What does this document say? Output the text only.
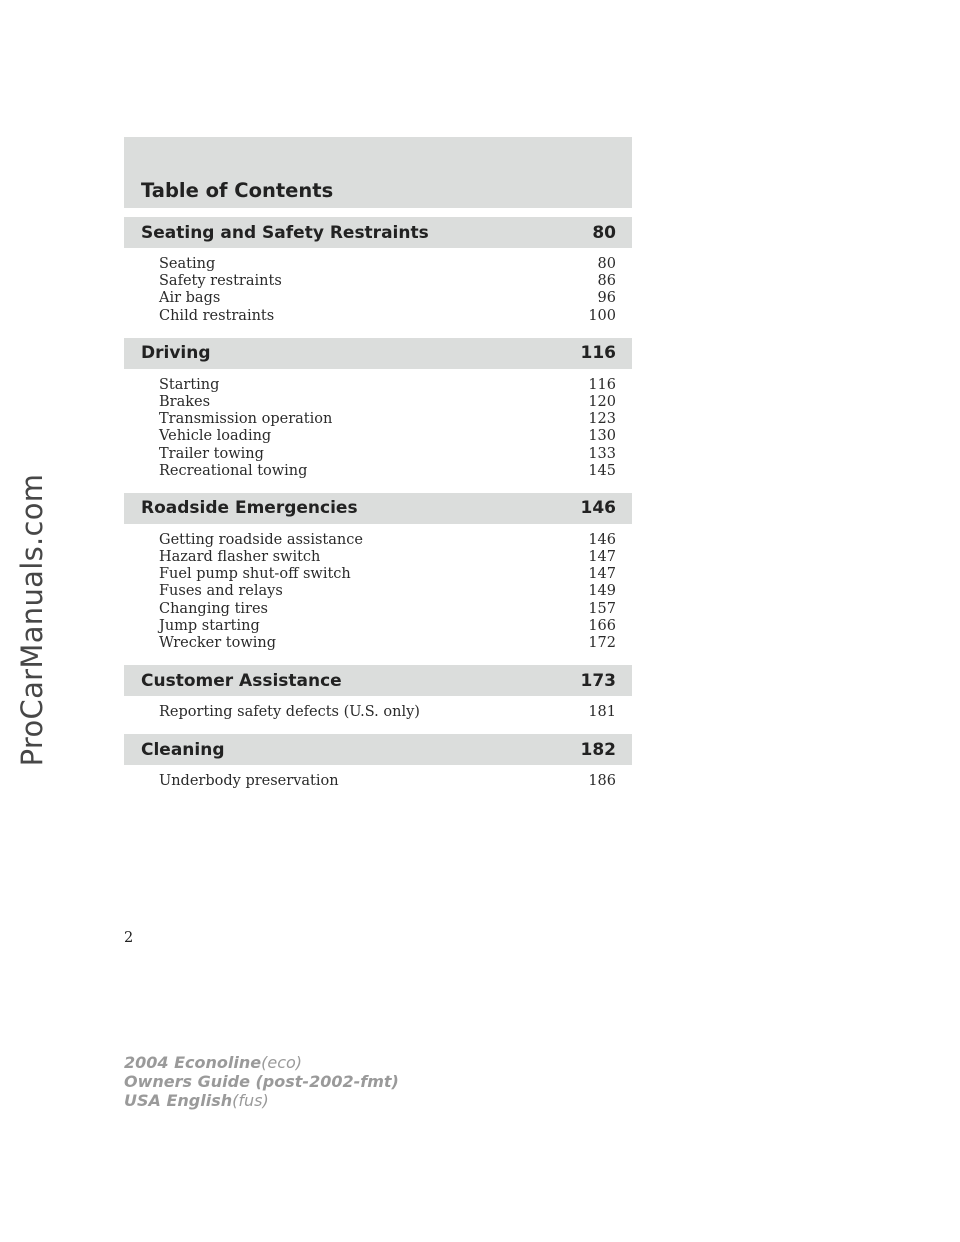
ProCarManuals.com
Table of Contents
Seating and Safety Restraints	80
Seating	80
Safety restraints	86
Air bags	96
Child restraints	100
Driving	116
Starting	116
Brakes	120
Transmission operation	123
Vehicle loading	130
Trailer towing	133
Recreational towing	145
Roadside Emergencies	146
Getting roadside assistance	146
Hazard flasher switch	147
Fuel pump shut-off switch	147
Fuses and relays	149
Changing tires	157
Jump starting	166
Wrecker towing	172
Customer Assistance	173
Reporting safety defects (U.S. only)	181
Cleaning	182
Underbody preservation	186
2
2004 Econoline(eco)
Owners Guide (post-2002-fmt)
USA English(fus)
